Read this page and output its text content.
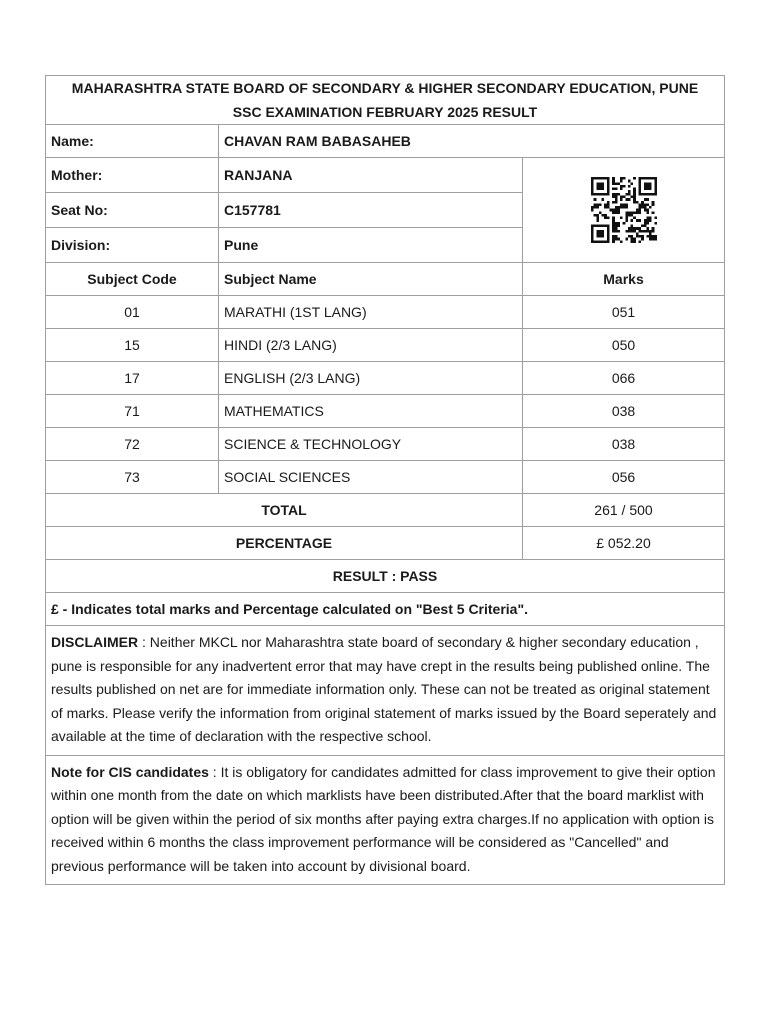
MAHARASHTRA STATE BOARD OF SECONDARY & HIGHER SECONDARY EDUCATION, PUNE
SSC EXAMINATION FEBRUARY 2025 RESULT		

Name:	CHAVAN RAM BABASAHEB	
Mother:	RANJANA	

Seat No:	C157781	
Division:	Pune	
Subject Code	Subject Name	Marks
01	MARATHI (1ST LANG)	051
15	HINDI (2/3 LANG)	050
17	ENGLISH (2/3 LANG)	066
71	MATHEMATICS	038
72	SCIENCE & TECHNOLOGY	038
73	SOCIAL SCIENCES	056
TOTAL		261 / 500
PERCENTAGE		£ 052.20
RESULT : PASS		
£ - Indicates total marks and Percentage calculated on "Best 5 Criteria".		
DISCLAIMER : Neither MKCL nor Maharashtra state board of secondary & higher secondary education , pune is responsible for any inadvertent error that may have crept in the results being published online. The results published on net are for immediate information only. These can not be treated as original statement of marks. Please verify the information from original statement of marks issued by the Board seperately and available at the time of declaration with the respective school.		
Note for CIS candidates : It is obligatory for candidates admitted for class improvement to give their option within one month from the date on which marklists have been distributed.After that the board marklist with option will be given within the period of six months after paying extra charges.If no application with option is received within 6 months the class improvement performance will be considered as "Cancelled" and previous performance will be taken into account by divisional board.		
